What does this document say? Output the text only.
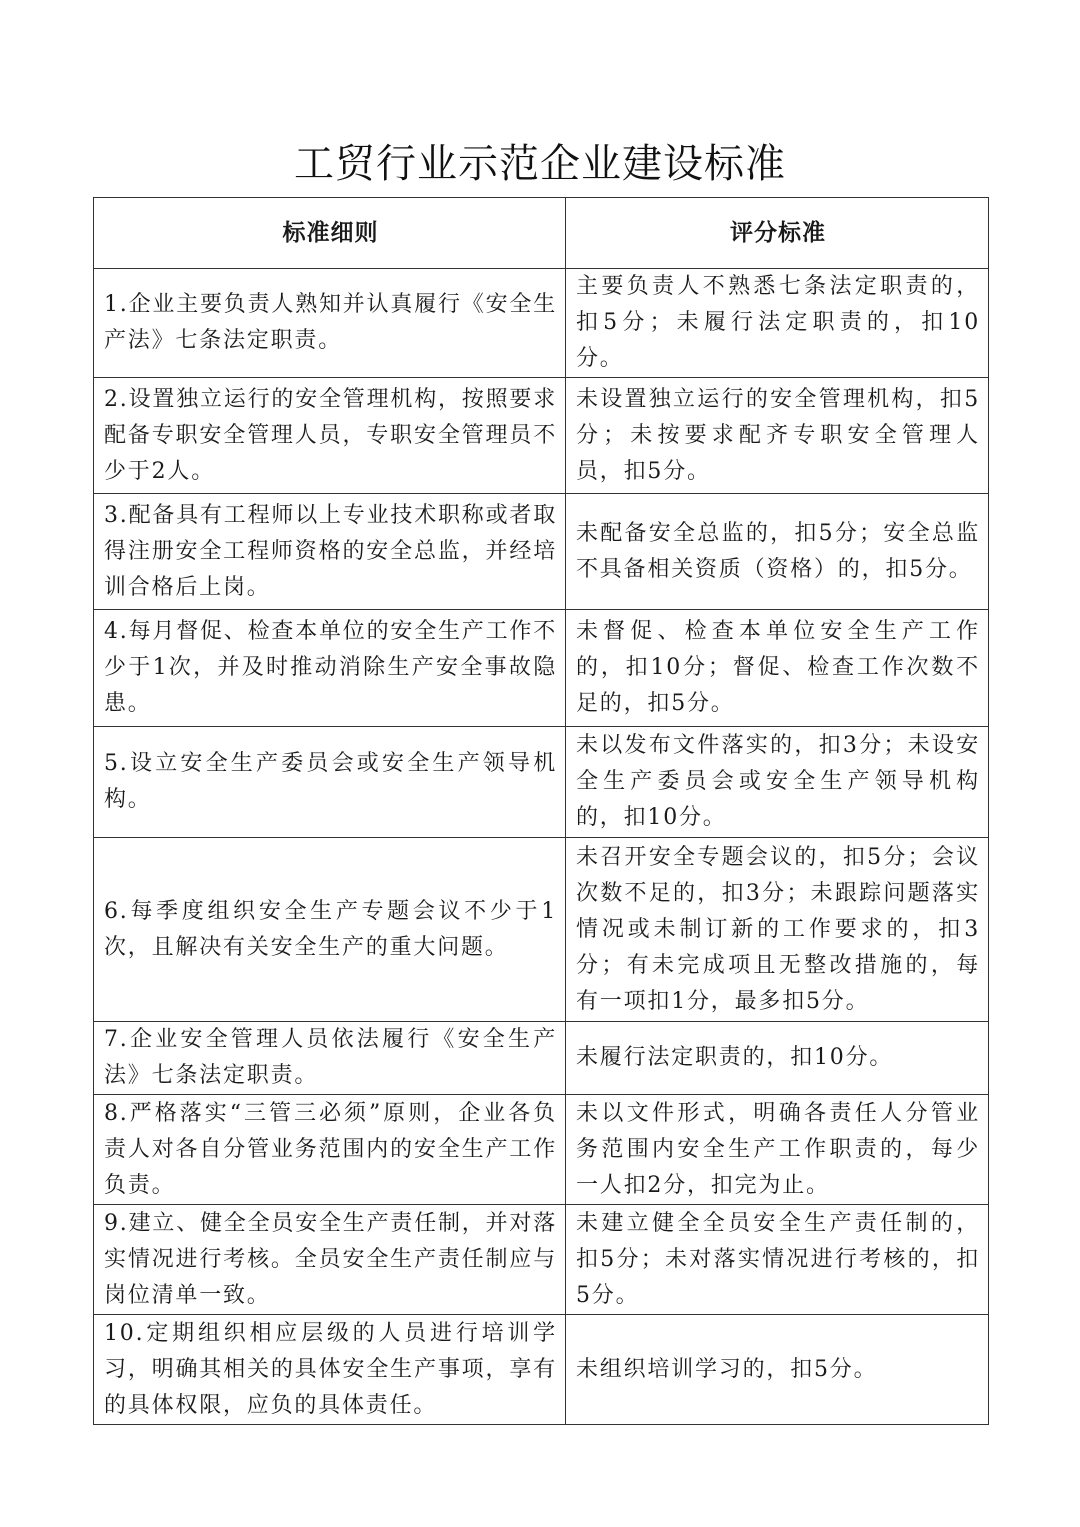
工贸行业示范企业建设标准
标准细则	评分标准
1.企业主要负责人熟知并认真履行《安全生产法》七条法定职责。	主要负责人不熟悉七条法定职责的，扣5分；未履行法定职责的，扣10分。
2.设置独立运行的安全管理机构，按照要求配备专职安全管理人员，专职安全管理员不少于2人。	未设置独立运行的安全管理机构，扣5分；未按要求配齐专职安全管理人员，扣5分。
3.配备具有工程师以上专业技术职称或者取得注册安全工程师资格的安全总监，并经培训合格后上岗。	未配备安全总监的，扣5分；安全总监不具备相关资质（资格）的，扣5分。
4.每月督促、检查本单位的安全生产工作不少于1次，并及时推动消除生产安全事故隐患。	未督促、检查本单位安全生产工作的，扣10分；督促、检查工作次数不足的，扣5分。
5.设立安全生产委员会或安全生产领导机构。	未以发布文件落实的，扣3分；未设安全生产委员会或安全生产领导机构的，扣10分。
6.每季度组织安全生产专题会议不少于1次，且解决有关安全生产的重大问题。	未召开安全专题会议的，扣5分；会议次数不足的，扣3分；未跟踪问题落实情况或未制订新的工作要求的，扣3分；有未完成项且无整改措施的，每有一项扣1分，最多扣5分。
7.企业安全管理人员依法履行《安全生产法》七条法定职责。	未履行法定职责的，扣10分。
8.严格落实“三管三必须”原则，企业各负责人对各自分管业务范围内的安全生产工作负责。	未以文件形式，明确各责任人分管业务范围内安全生产工作职责的，每少一人扣2分，扣完为止。
9.建立、健全全员安全生产责任制，并对落实情况进行考核。全员安全生产责任制应与岗位清单一致。	未建立健全全员安全生产责任制的，扣5分；未对落实情况进行考核的，扣5分。
10.定期组织相应层级的人员进行培训学习，明确其相关的具体安全生产事项，享有的具体权限，应负的具体责任。	未组织培训学习的，扣5分。
